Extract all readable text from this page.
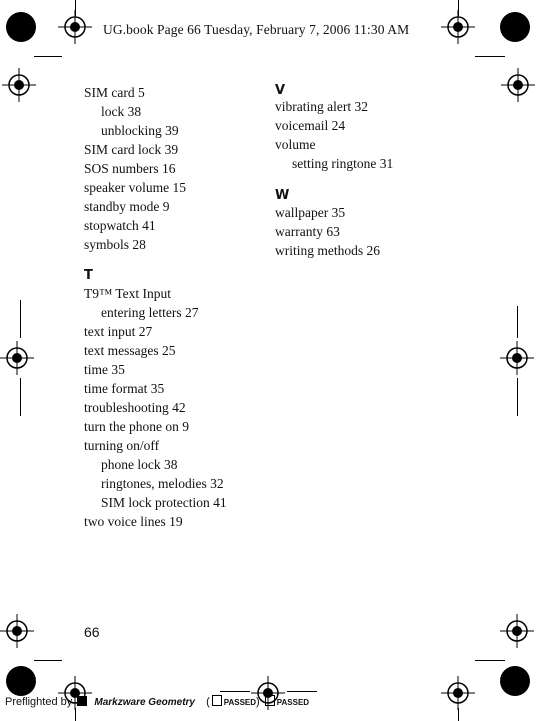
UG.book Page 66 Tuesday, February 7, 2006 11:30 AM
SIM card 5
lock 38
unblocking 39
SIM card lock 39
SOS numbers 16
speaker volume 15
standby mode 9
stopwatch 41
symbols 28
T
T9™ Text Input
entering letters 27
text input 27
text messages 25
time 35
time format 35
troubleshooting 42
turn the phone on 9
turning on/off
phone lock 38
ringtones, melodies 32
SIM lock protection 41
two voice lines 19
V
vibrating alert 32
voicemail 24
volume
setting ringtone 31
W
wallpaper 35
warranty 63
writing methods 26
66
Preflighted by Markzware Geometry ( PASSED) PASSED
